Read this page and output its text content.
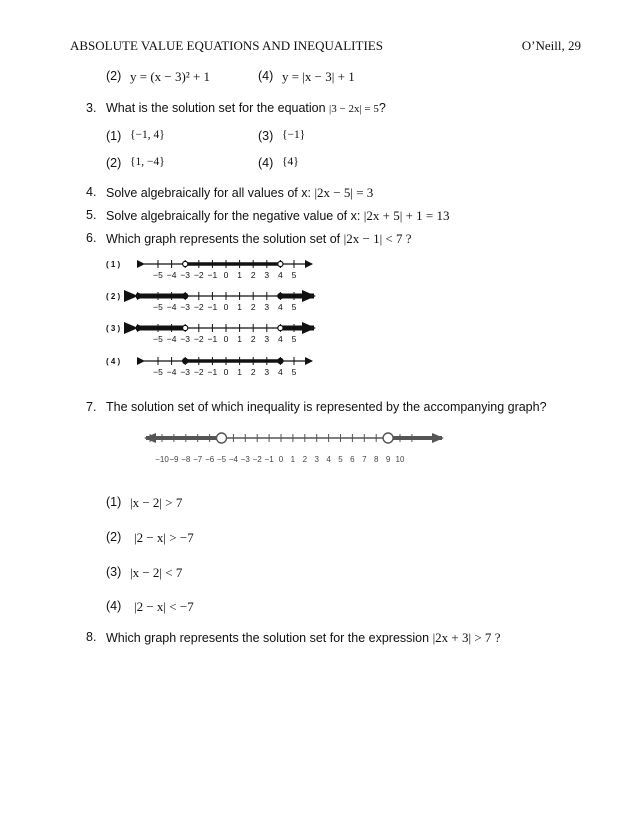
ABSOLUTE VALUE EQUATIONS AND INEQUALITIES	O’Neill, 29
(2) y = (x − 3)² + 1	(4) y = |x − 3| + 1
3. What is the solution set for the equation |3 − 2x| = 5?
(1) {−1, 4}	(3) {−1}
(2) {1, −4}	(4) {4}
4. Solve algebraically for all values of x: |2x − 5| = 3
5. Solve algebraically for the negative value of x: |2x + 5| + 1 = 13
6. Which graph represents the solution set of |2x − 1| < 7 ?
( 1 )
−5 −4 −3 −2 −1 0 1 2 3 4 5
( 2 )
−5 −4 −3 −2 −1 0 1 2 3 4 5
( 3 )
−5 −4 −3 −2 −1 0 1 2 3 4 5
( 4 )
−5 −4 −3 −2 −1 0 1 2 3 4 5
7. The solution set of which inequality is represented by the accompanying graph?
−10 −9 −8 −7 −6 −5 −4 −3 −2 −1 0 1 2 3 4 5 6 7 8 9 10
(1) |x − 2| > 7
(2) |2 − x| > −7
(3) |x − 2| < 7
(4) |2 − x| < −7
8. Which graph represents the solution set for the expression |2x + 3| > 7 ?
